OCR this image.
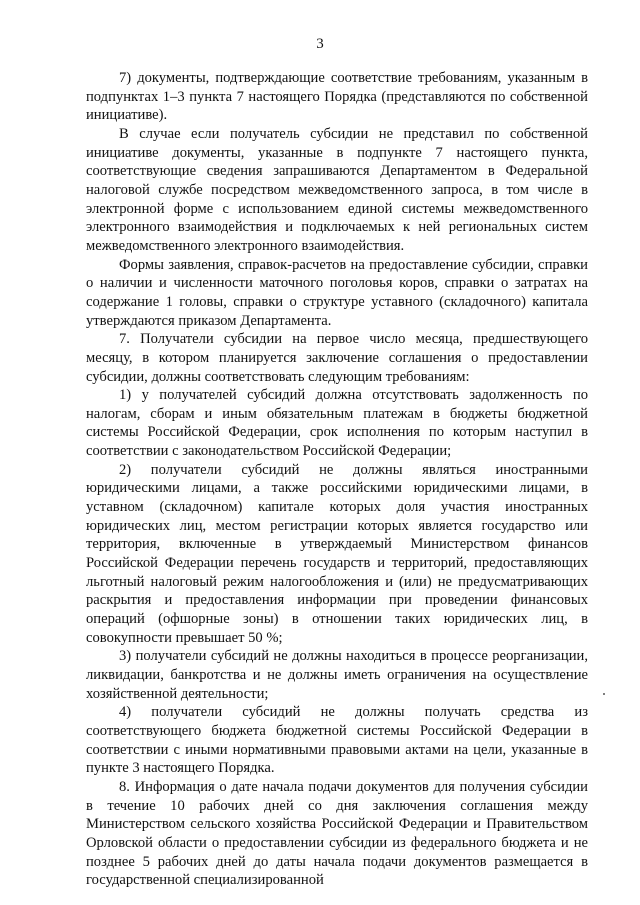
3

7) документы, подтверждающие соответствие требованиям, указанным в подпунктах 1–3 пункта 7 настоящего Порядка (представляются по собственной инициативе).

В случае если получатель субсидии не представил по собственной инициативе документы, указанные в подпункте 7 настоящего пункта, соответствующие сведения запрашиваются Департаментом в Федеральной налоговой службе посредством межведомственного запроса, в том числе в электронной форме с использованием единой системы межведомственного электронного взаимодействия и подключаемых к ней региональных систем межведомственного электронного взаимодействия.

Формы заявления, справок-расчетов на предоставление субсидии, справки о наличии и численности маточного поголовья коров, справки о затратах на содержание 1 головы, справки о структуре уставного (складочного) капитала утверждаются приказом Департамента.

7. Получатели субсидии на первое число месяца, предшествующего месяцу, в котором планируется заключение соглашения о предоставлении субсидии, должны соответствовать следующим требованиям:

1) у получателей субсидий должна отсутствовать задолженность по налогам, сборам и иным обязательным платежам в бюджеты бюджетной системы Российской Федерации, срок исполнения по которым наступил в соответствии с законодательством Российской Федерации;

2) получатели субсидий не должны являться иностранными юридическими лицами, а также российскими юридическими лицами, в уставном (складочном) капитале которых доля участия иностранных юридических лиц, местом регистрации которых является государство или территория, включенные в утверждаемый Министерством финансов Российской Федерации перечень государств и территорий, предоставляющих льготный налоговый режим налогообложения и (или) не предусматривающих раскрытия и предоставления информации при проведении финансовых операций (офшорные зоны) в отношении таких юридических лиц, в совокупности превышает 50 %;

3) получатели субсидий не должны находиться в процессе реорганизации, ликвидации, банкротства и не должны иметь ограничения на осуществление хозяйственной деятельности;

4) получатели субсидий не должны получать средства из соответствующего бюджета бюджетной системы Российской Федерации в соответствии с иными нормативными правовыми актами на цели, указанные в пункте 3 настоящего Порядка.

8. Информация о дате начала подачи документов для получения субсидии в течение 10 рабочих дней со дня заключения соглашения между Министерством сельского хозяйства Российской Федерации и Правительством Орловской области о предоставлении субсидии из федерального бюджета и не позднее 5 рабочих дней до даты начала подачи документов размещается в государственной специализированной
